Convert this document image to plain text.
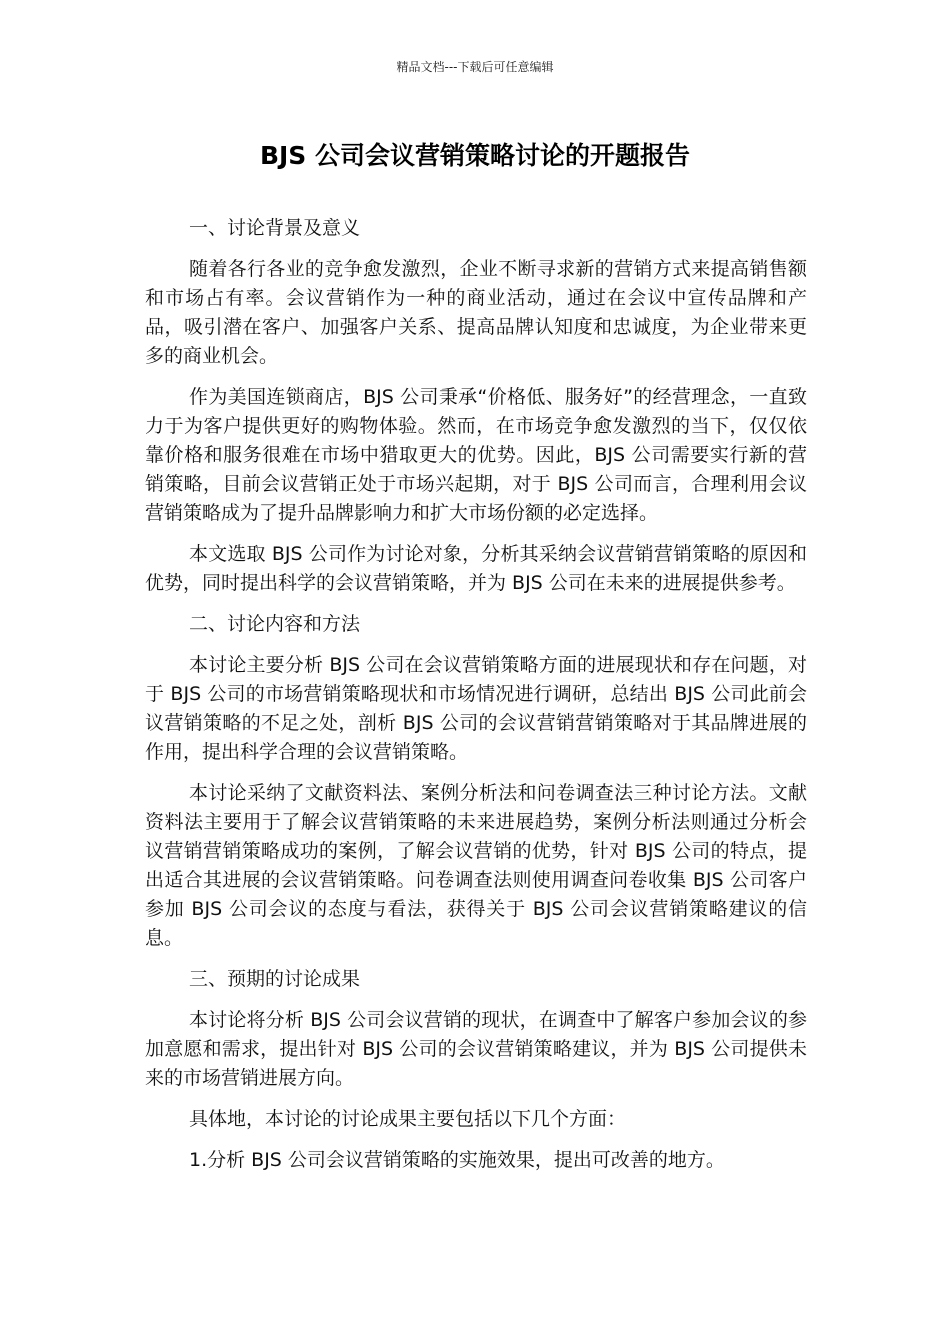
精品文档---下载后可任意编辑
BJS 公司会议营销策略讨论的开题报告

一、讨论背景及意义

随着各行各业的竞争愈发激烈，企业不断寻求新的营销方式来提高销售额和市场占有率。会议营销作为一种的商业活动，通过在会议中宣传品牌和产品，吸引潜在客户、加强客户关系、提高品牌认知度和忠诚度，为企业带来更多的商业机会。

作为美国连锁商店，BJS 公司秉承“价格低、服务好”的经营理念，一直致力于为客户提供更好的购物体验。然而，在市场竞争愈发激烈的当下，仅仅依靠价格和服务很难在市场中猎取更大的优势。因此，BJS 公司需要实行新的营销策略，目前会议营销正处于市场兴起期，对于 BJS 公司而言，合理利用会议营销策略成为了提升品牌影响力和扩大市场份额的必定选择。

本文选取 BJS 公司作为讨论对象，分析其采纳会议营销营销策略的原因和优势，同时提出科学的会议营销策略，并为 BJS 公司在未来的进展提供参考。

二、讨论内容和方法

本讨论主要分析 BJS 公司在会议营销策略方面的进展现状和存在问题，对于 BJS 公司的市场营销策略现状和市场情况进行调研，总结出 BJS 公司此前会议营销策略的不足之处，剖析 BJS 公司的会议营销营销策略对于其品牌进展的作用，提出科学合理的会议营销策略。

本讨论采纳了文献资料法、案例分析法和问卷调查法三种讨论方法。文献资料法主要用于了解会议营销策略的未来进展趋势，案例分析法则通过分析会议营销营销策略成功的案例，了解会议营销的优势，针对 BJS 公司的特点，提出适合其进展的会议营销策略。问卷调查法则使用调查问卷收集 BJS 公司客户参加 BJS 公司会议的态度与看法，获得关于 BJS 公司会议营销策略建议的信息。

三、预期的讨论成果

本讨论将分析 BJS 公司会议营销的现状，在调查中了解客户参加会议的参加意愿和需求，提出针对 BJS 公司的会议营销策略建议，并为 BJS 公司提供未来的市场营销进展方向。

具体地，本讨论的讨论成果主要包括以下几个方面：

1.分析 BJS 公司会议营销策略的实施效果，提出可改善的地方。
